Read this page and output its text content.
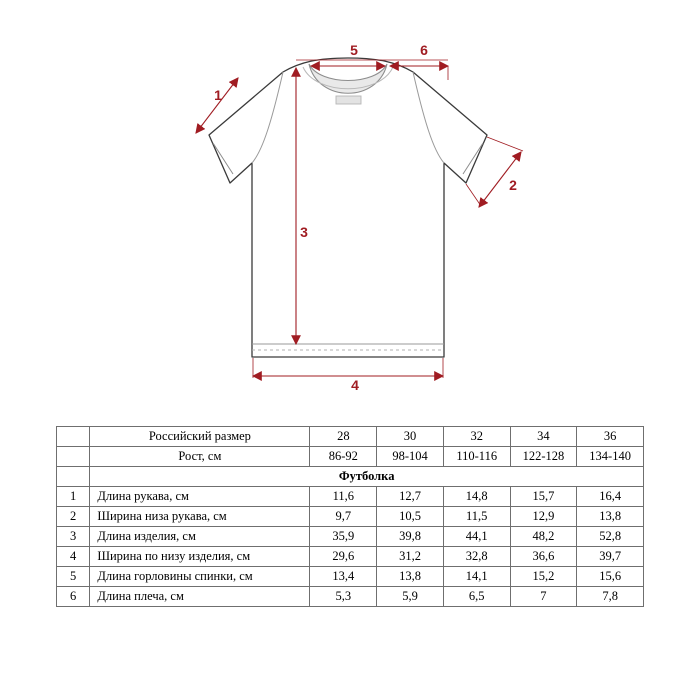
1
2
3
4
5	6
	Российский размер	28	30	32	34	36
	Рост, см	86-92	98-104	110-116	122-128	134-140
	Футболка					
1	Длина рукава, см	11,6	12,7	14,8	15,7	16,4
2	Ширина низа рукава, см	9,7	10,5	11,5	12,9	13,8
3	Длина изделия, см	35,9	39,8	44,1	48,2	52,8
4	Ширина по низу изделия, см	29,6	31,2	32,8	36,6	39,7
5	Длина горловины спинки, см	13,4	13,8	14,1	15,2	15,6
6	Длина плеча, см	5,3	5,9	6,5	7	7,8
